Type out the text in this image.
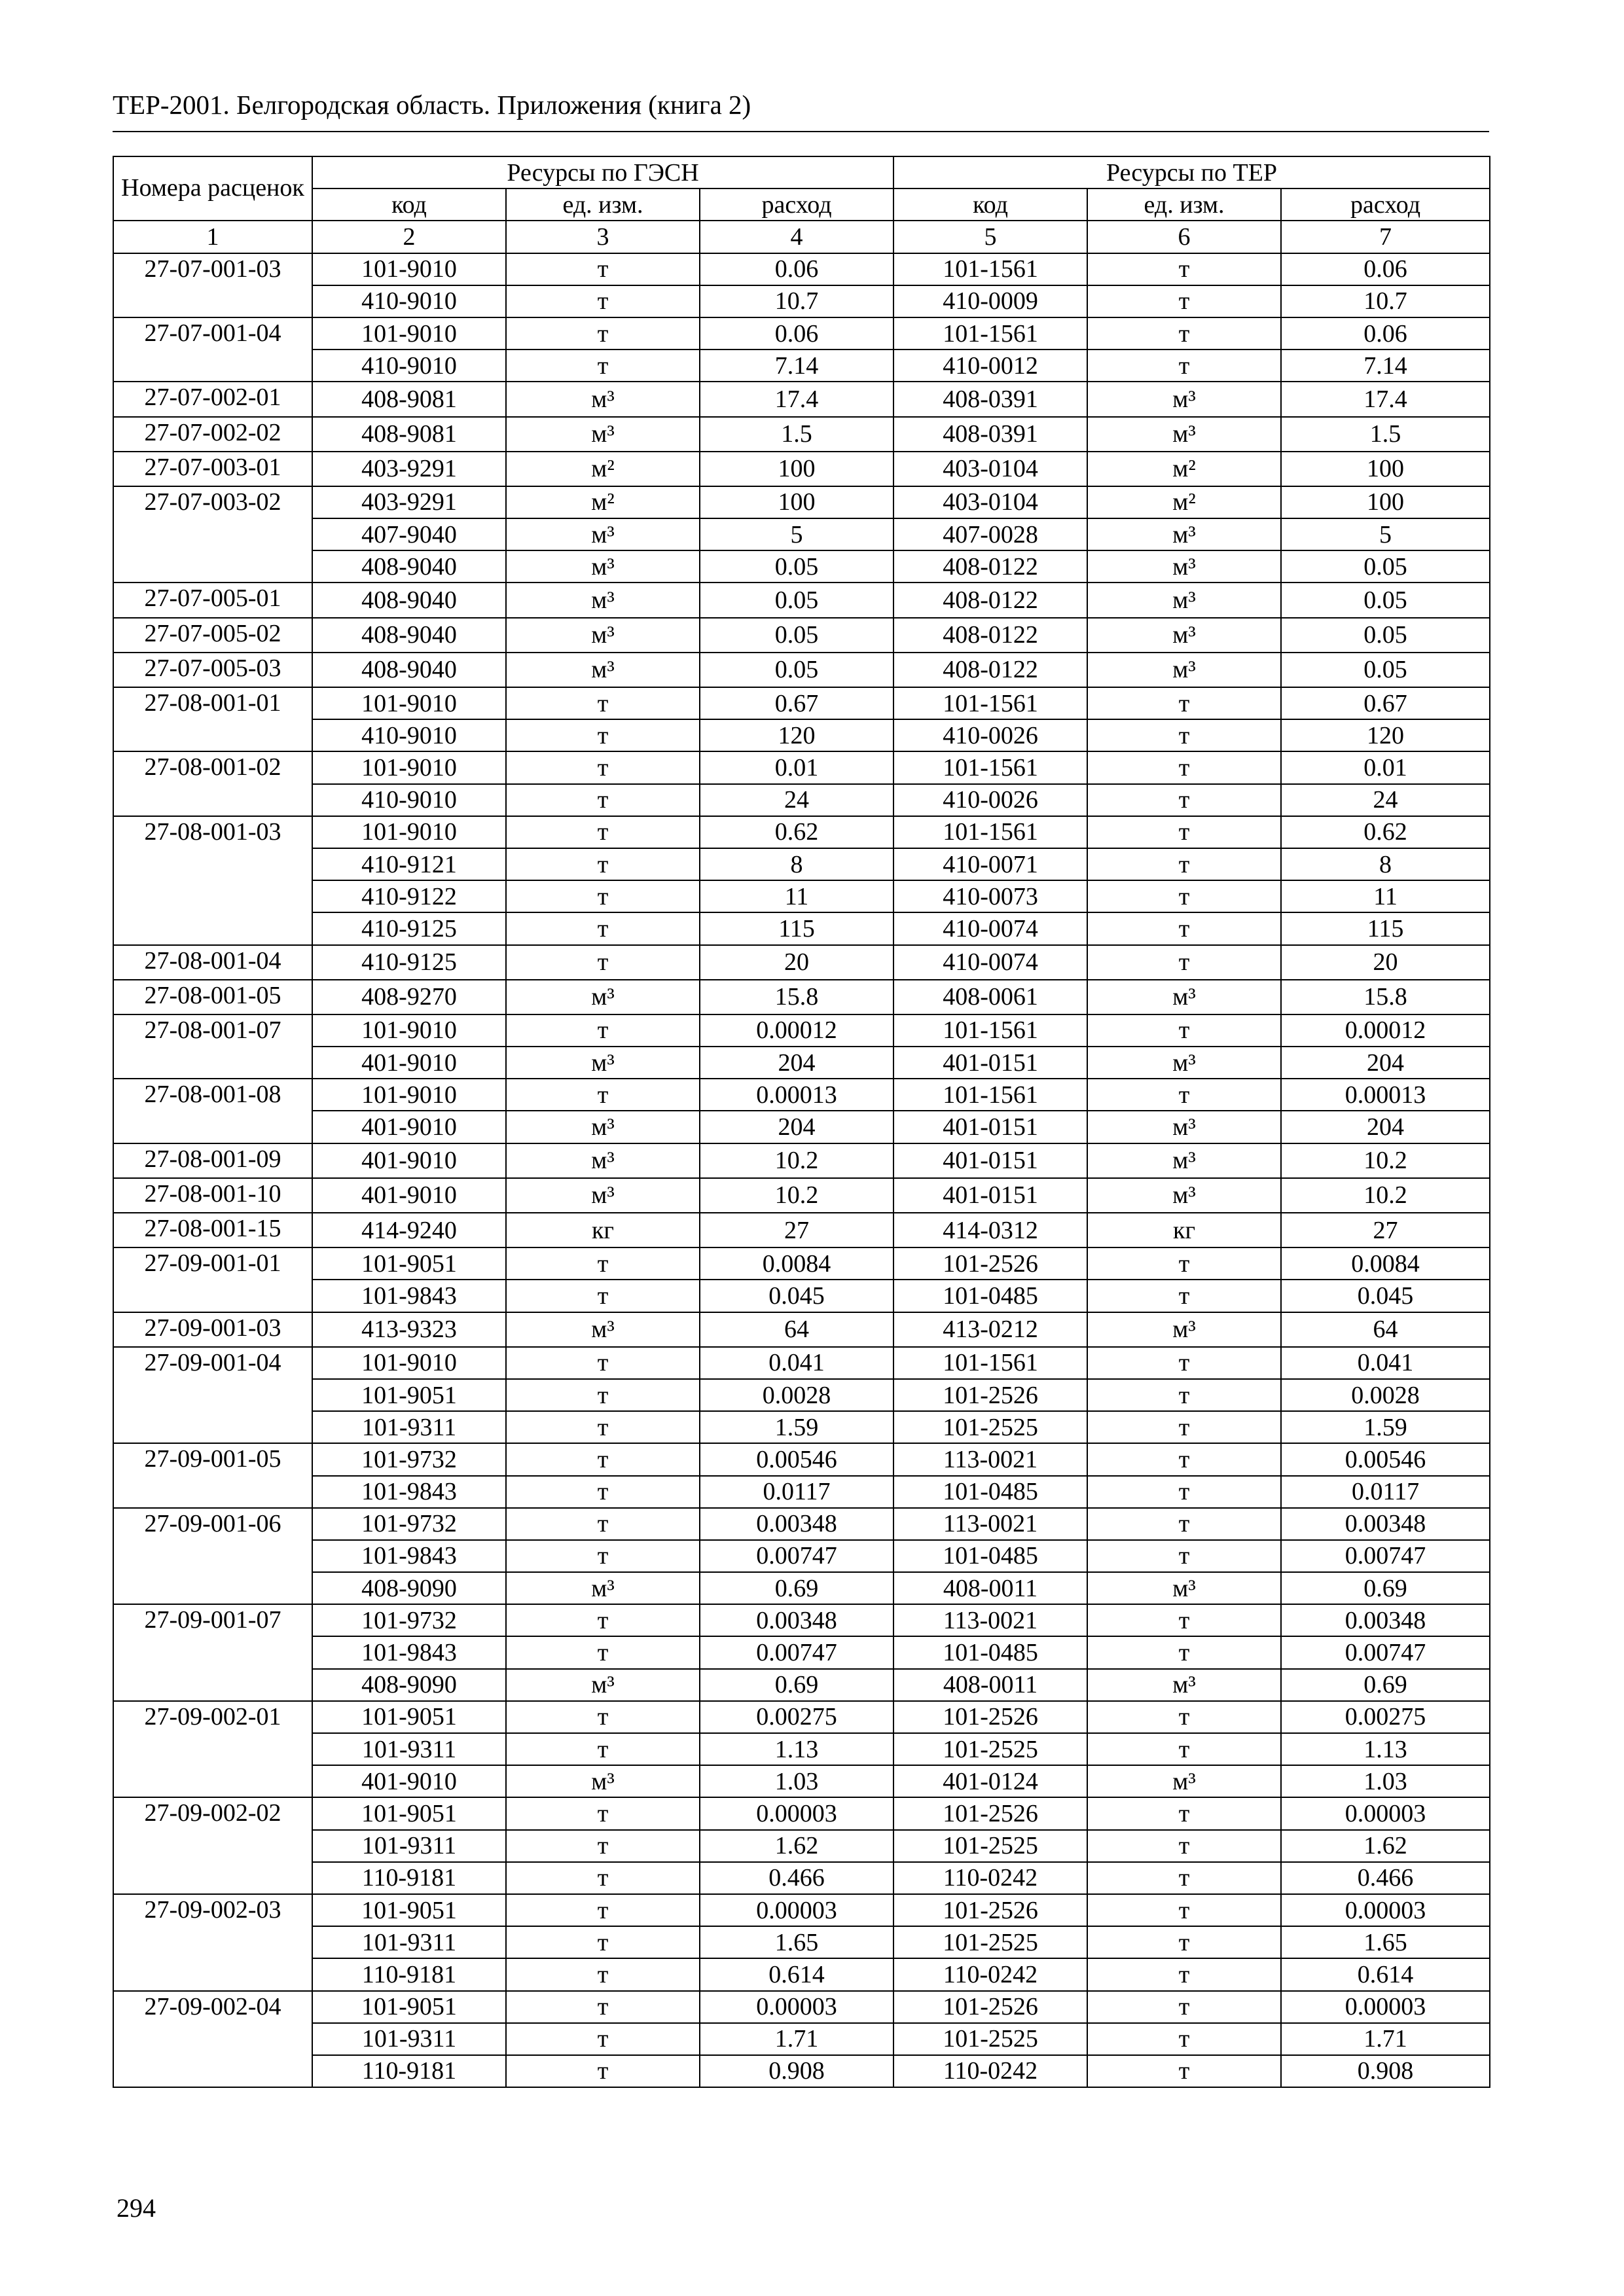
ТЕР-2001. Белгородская область. Приложения (книга 2)
Номера расценок	Ресурсы по ГЭСН			Ресурсы по ТЕР		
	код	ед. изм.	расход	код	ед. изм.	расход
1	2	3	4	5	6	7
27-07-001-03	101-9010	т	0.06	101-1561	т	0.06
	410-9010	т	10.7	410-0009	т	10.7
27-07-001-04	101-9010	т	0.06	101-1561	т	0.06
	410-9010	т	7.14	410-0012	т	7.14
27-07-002-01	408-9081	м³	17.4	408-0391	м³	17.4
27-07-002-02	408-9081	м³	1.5	408-0391	м³	1.5
27-07-003-01	403-9291	м²	100	403-0104	м²	100
27-07-003-02	403-9291	м²	100	403-0104	м²	100
	407-9040	м³	5	407-0028	м³	5
	408-9040	м³	0.05	408-0122	м³	0.05
27-07-005-01	408-9040	м³	0.05	408-0122	м³	0.05
27-07-005-02	408-9040	м³	0.05	408-0122	м³	0.05
27-07-005-03	408-9040	м³	0.05	408-0122	м³	0.05
27-08-001-01	101-9010	т	0.67	101-1561	т	0.67
	410-9010	т	120	410-0026	т	120
27-08-001-02	101-9010	т	0.01	101-1561	т	0.01
	410-9010	т	24	410-0026	т	24
27-08-001-03	101-9010	т	0.62	101-1561	т	0.62
	410-9121	т	8	410-0071	т	8
	410-9122	т	11	410-0073	т	11
	410-9125	т	115	410-0074	т	115
27-08-001-04	410-9125	т	20	410-0074	т	20
27-08-001-05	408-9270	м³	15.8	408-0061	м³	15.8
27-08-001-07	101-9010	т	0.00012	101-1561	т	0.00012
	401-9010	м³	204	401-0151	м³	204
27-08-001-08	101-9010	т	0.00013	101-1561	т	0.00013
	401-9010	м³	204	401-0151	м³	204
27-08-001-09	401-9010	м³	10.2	401-0151	м³	10.2
27-08-001-10	401-9010	м³	10.2	401-0151	м³	10.2
27-08-001-15	414-9240	кг	27	414-0312	кг	27
27-09-001-01	101-9051	т	0.0084	101-2526	т	0.0084
	101-9843	т	0.045	101-0485	т	0.045
27-09-001-03	413-9323	м³	64	413-0212	м³	64
27-09-001-04	101-9010	т	0.041	101-1561	т	0.041
	101-9051	т	0.0028	101-2526	т	0.0028
	101-9311	т	1.59	101-2525	т	1.59
27-09-001-05	101-9732	т	0.00546	113-0021	т	0.00546
	101-9843	т	0.0117	101-0485	т	0.0117
27-09-001-06	101-9732	т	0.00348	113-0021	т	0.00348
	101-9843	т	0.00747	101-0485	т	0.00747
	408-9090	м³	0.69	408-0011	м³	0.69
27-09-001-07	101-9732	т	0.00348	113-0021	т	0.00348
	101-9843	т	0.00747	101-0485	т	0.00747
	408-9090	м³	0.69	408-0011	м³	0.69
27-09-002-01	101-9051	т	0.00275	101-2526	т	0.00275
	101-9311	т	1.13	101-2525	т	1.13
	401-9010	м³	1.03	401-0124	м³	1.03
27-09-002-02	101-9051	т	0.00003	101-2526	т	0.00003
	101-9311	т	1.62	101-2525	т	1.62
	110-9181	т	0.466	110-0242	т	0.466
27-09-002-03	101-9051	т	0.00003	101-2526	т	0.00003
	101-9311	т	1.65	101-2525	т	1.65
	110-9181	т	0.614	110-0242	т	0.614
27-09-002-04	101-9051	т	0.00003	101-2526	т	0.00003
	101-9311	т	1.71	101-2525	т	1.71
	110-9181	т	0.908	110-0242	т	0.908
294
